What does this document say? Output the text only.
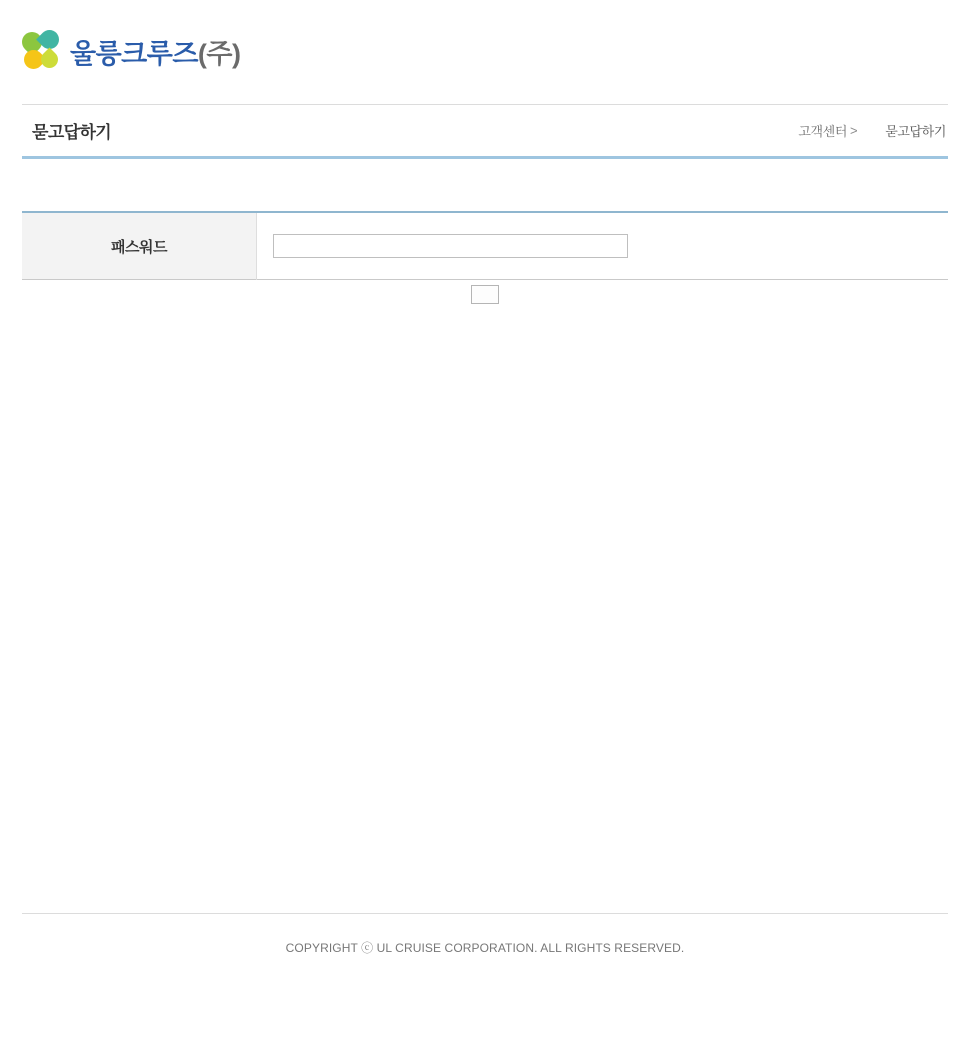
울릉크루즈(주)
묻고답하기	고객센터 > 묻고답하기
패스워드	
COPYRIGHT ⓒ UL CRUISE CORPORATION. ALL RIGHTS RESERVED.
